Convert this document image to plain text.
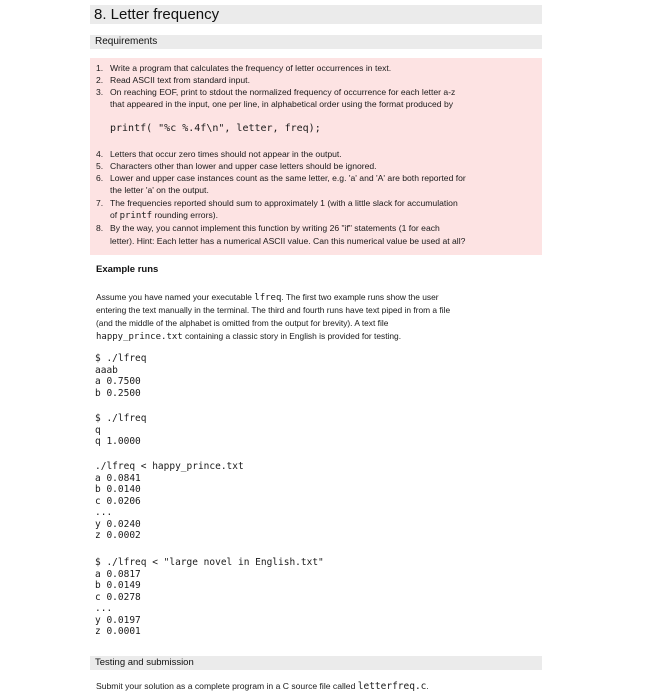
8. Letter frequency
Requirements
1. Write a program that calculates the frequency of letter occurrences in text.
2. Read ASCII text from standard input.
3. On reaching EOF, print to stdout the normalized frequency of occurrence for each letter a-z
that appeared in the input, one per line, in alphabetical order using the format produced by
printf( "%c %.4f\n", letter, freq);
4. Letters that occur zero times should not appear in the output.
5. Characters other than lower and upper case letters should be ignored.
6. Lower and upper case instances count as the same letter, e.g. 'a' and 'A' are both reported for
the letter 'a' on the output.
7. The frequencies reported should sum to approximately 1 (with a little slack for accumulation
of printf rounding errors).
8. By the way, you cannot implement this function by writing 26 "if" statements (1 for each
letter). Hint: Each letter has a numerical ASCII value. Can this numerical value be used at all?
Example runs
Assume you have named your executable lfreq. The first two example runs show the user
entering the text manually in the terminal. The third and fourth runs have text piped in from a file
(and the middle of the alphabet is omitted from the output for brevity). A text file
happy_prince.txt containing a classic story in English is provided for testing.
$ ./lfreq
aaab
a 0.7500
b 0.2500
$ ./lfreq
q
q 1.0000
./lfreq < happy_prince.txt
a 0.0841
b 0.0140
c 0.0206
...
y 0.0240
z 0.0002
$ ./lfreq < "large novel in English.txt"
a 0.0817
b 0.0149
c 0.0278
...
y 0.0197
z 0.0001
Testing and submission
Submit your solution as a complete program in a C source file called letterfreq.c.
